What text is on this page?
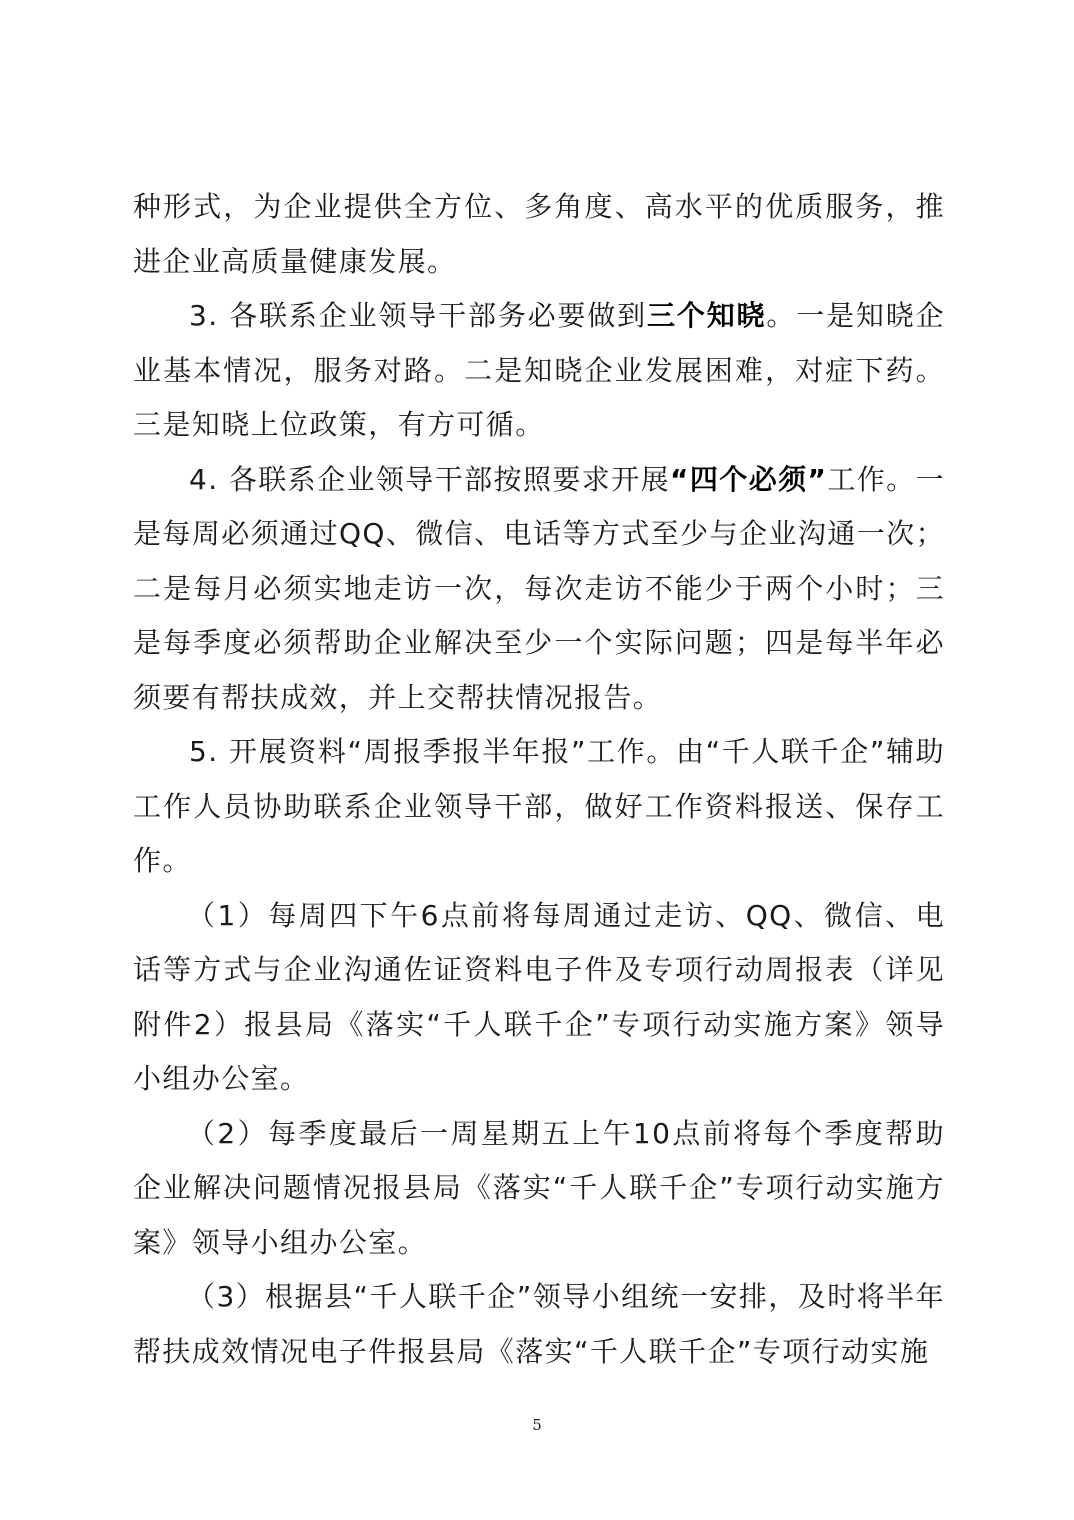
种形式，为企业提供全方位、多角度、高水平的优质服务，推进企业高质量健康发展。

3. 各联系企业领导干部务必要做到三个知晓。一是知晓企业基本情况，服务对路。二是知晓企业发展困难，对症下药。三是知晓上位政策，有方可循。

4. 各联系企业领导干部按照要求开展“四个必须”工作。一是每周必须通过QQ、微信、电话等方式至少与企业沟通一次；二是每月必须实地走访一次，每次走访不能少于两个小时；三是每季度必须帮助企业解决至少一个实际问题；四是每半年必须要有帮扶成效，并上交帮扶情况报告。

5. 开展资料“周报季报半年报”工作。由“千人联千企”辅助工作人员协助联系企业领导干部，做好工作资料报送、保存工作。

（1）每周四下午6点前将每周通过走访、QQ、微信、电话等方式与企业沟通佐证资料电子件及专项行动周报表（详见附件2）报县局《落实“千人联千企”专项行动实施方案》领导小组办公室。

（2）每季度最后一周星期五上午10点前将每个季度帮助企业解决问题情况报县局《落实“千人联千企”专项行动实施方案》领导小组办公室。

（3）根据县“千人联千企”领导小组统一安排，及时将半年帮扶成效情况电子件报县局《落实“千人联千企”专项行动实施

5
